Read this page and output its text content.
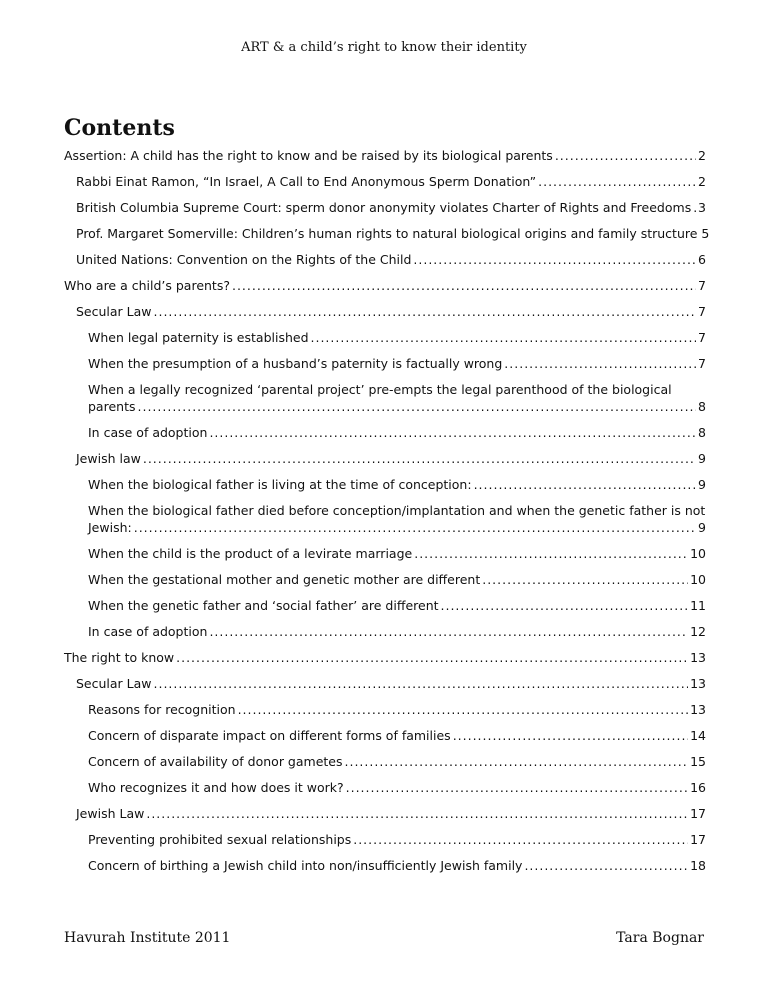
ART & a child’s right to know their identity
Contents
Assertion: A child has the right to know and be raised by its biological parents .....	2
Rabbi Einat Ramon, “In Israel, A Call to End Anonymous Sperm Donation” .....	2
British Columbia Supreme Court: sperm donor anonymity violates Charter of Rights and Freedoms ..... 3
Prof. Margaret Somerville: Children’s human rights to natural biological origins and family structure 5
United Nations: Convention on the Rights of the Child .....	6
Who are a child’s parents? .....	7
Secular Law .....	7
When legal paternity is established .....	7
When the presumption of a husband’s paternity is factually wrong .....	7
When a legally recognized ‘parental project’ pre-empts the legal parenthood of the biological
parents .....	8
In case of adoption .....	8
Jewish law .....	9
When the biological father is living at the time of conception: .....	9
When the biological father died before conception/implantation and when the genetic father is not
Jewish: .....	9
When the child is the product of a levirate marriage .....	10
When the gestational mother and genetic mother are different .....	10
When the genetic father and ‘social father’ are different .....	11
In case of adoption .....	12
The right to know .....	13
Secular Law .....	13
Reasons for recognition .....	13
Concern of disparate impact on different forms of families .....	14
Concern of availability of donor gametes .....	15
Who recognizes it and how does it work? .....	16
Jewish Law .....	17
Preventing prohibited sexual relationships .....	17
Concern of birthing a Jewish child into non/insufficiently Jewish family .....	18
Havurah Institute 2011	Tara Bognar
